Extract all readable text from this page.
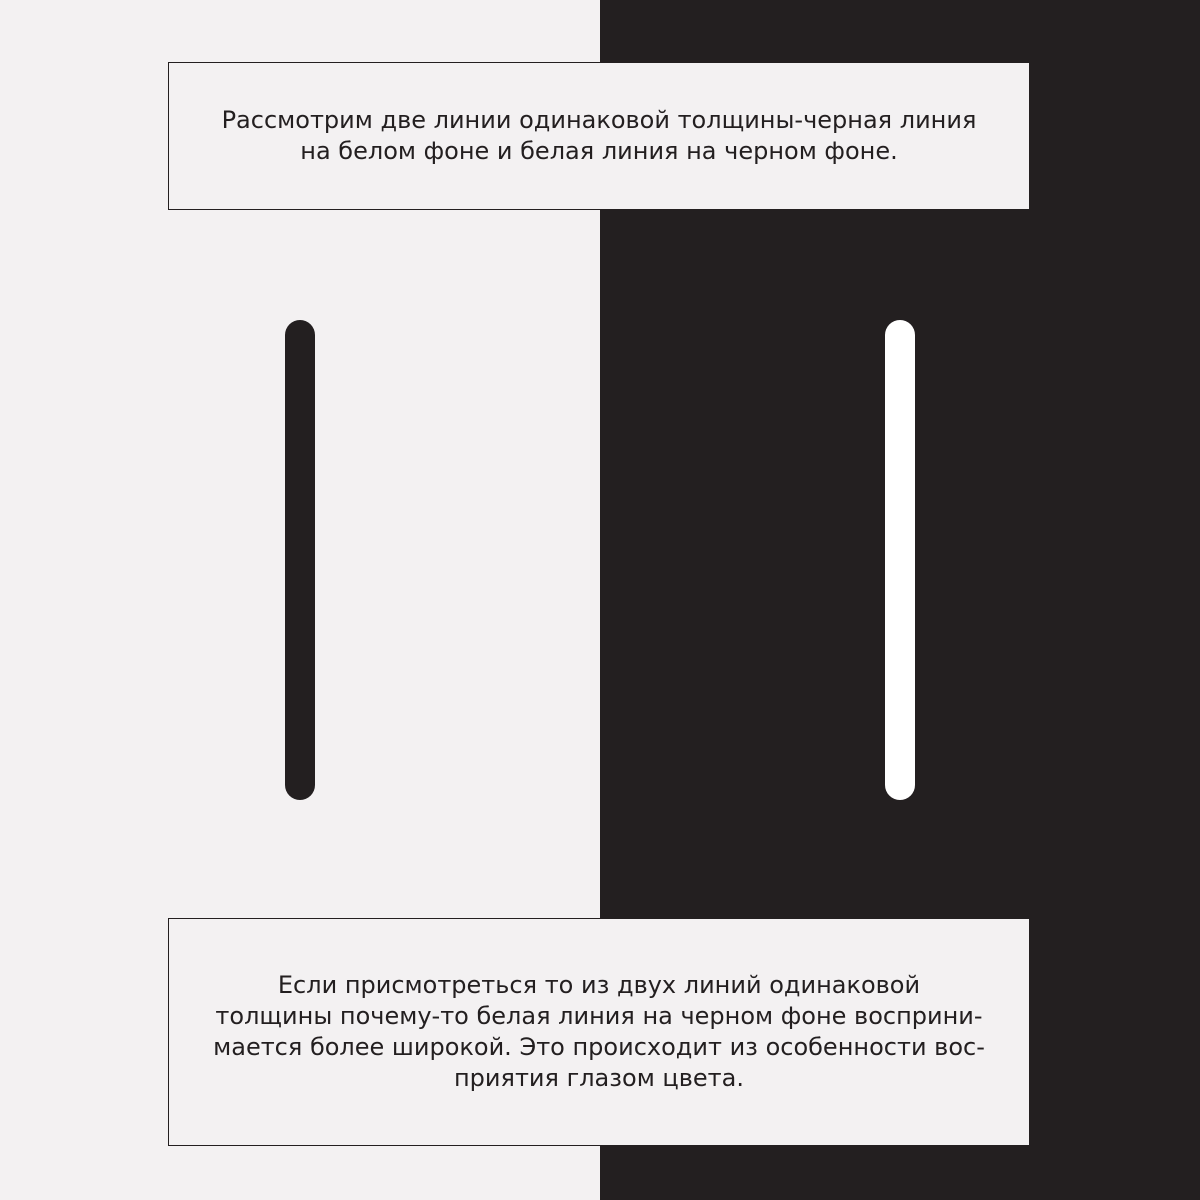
Рассмотрим две линии одинаковой толщины-черная линия
на белом фоне и белая линия на черном фоне.
Если присмотреться то из двух линий одинаковой
толщины почему-то белая линия на черном фоне восприни-
мается более широкой. Это происходит из особенности вос-
приятия глазом цвета.
